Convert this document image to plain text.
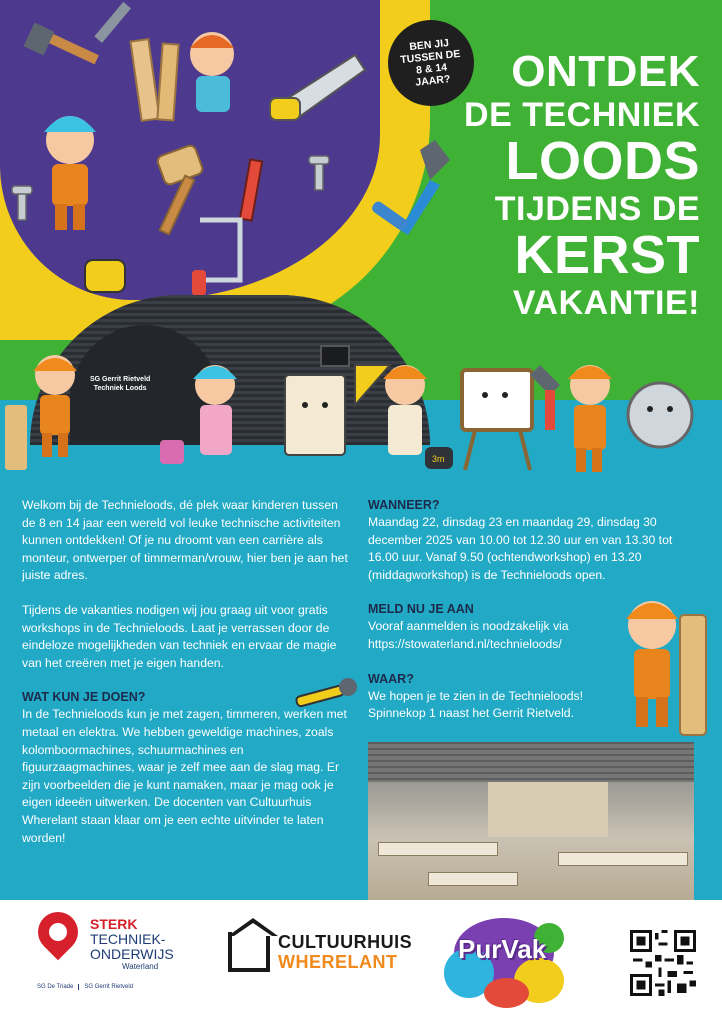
SG Gerrit Rietveld
Techniek Loods
3m
BEN JIJ
TUSSEN DE
8 & 14
JAAR?	ONTDEK
DE TECHNIEK
LOODS
TIJDENS DE
KERST
VAKANTIE!

Welkom bij de Technieloods, dé plek waar kinderen tussen de 8 en 14 jaar een wereld vol leuke technische activiteiten kunnen ontdekken! Of je nu droomt van een carrière als monteur, ontwerper of timmerman/vrouw, hier ben je aan het juiste adres.

Tijdens de vakanties nodigen wij jou graag uit voor gratis workshops in de Technieloods. Laat je verrassen door de eindeloze mogelijkheden van techniek en ervaar de magie van het creëren met je eigen handen.

WAT KUN JE DOEN?
In de Technieloods kun je met zagen, timmeren, werken met metaal en elektra. We hebben geweldige machines, zoals kolomboormachines, schuurmachines en figuurzaagmachines, waar je zelf mee aan de slag mag. Er zijn voorbeelden die je kunt namaken, maar je mag ook je eigen ideeën uitwerken. De docenten van Cultuurhuis Wherelant staan klaar om je een echte uitvinder te laten worden!
WANNEER?
Maandag 22, dinsdag 23 en maandag 29, dinsdag 30 december 2025 van 10.00 tot 12.30 uur en van 13.30 tot 16.00 uur. Vanaf 9.50 (ochtendworkshop) en 13.20 (middagworkshop) is de Technieloods open.
MELD NU JE AAN
Vooraf aanmelden is noodzakelijk via
https://stowaterland.nl/technieloods/
WAAR?
We hopen je te zien in de Technieloods!
Spinnekop 1 naast het Gerrit Rietveld.
STERK
TECHNIEK-
ONDERWIJS
Waterland
SG De Triade SG Gerrit Rietveld
CULTUURHUIS
WHERELANT PurVak
